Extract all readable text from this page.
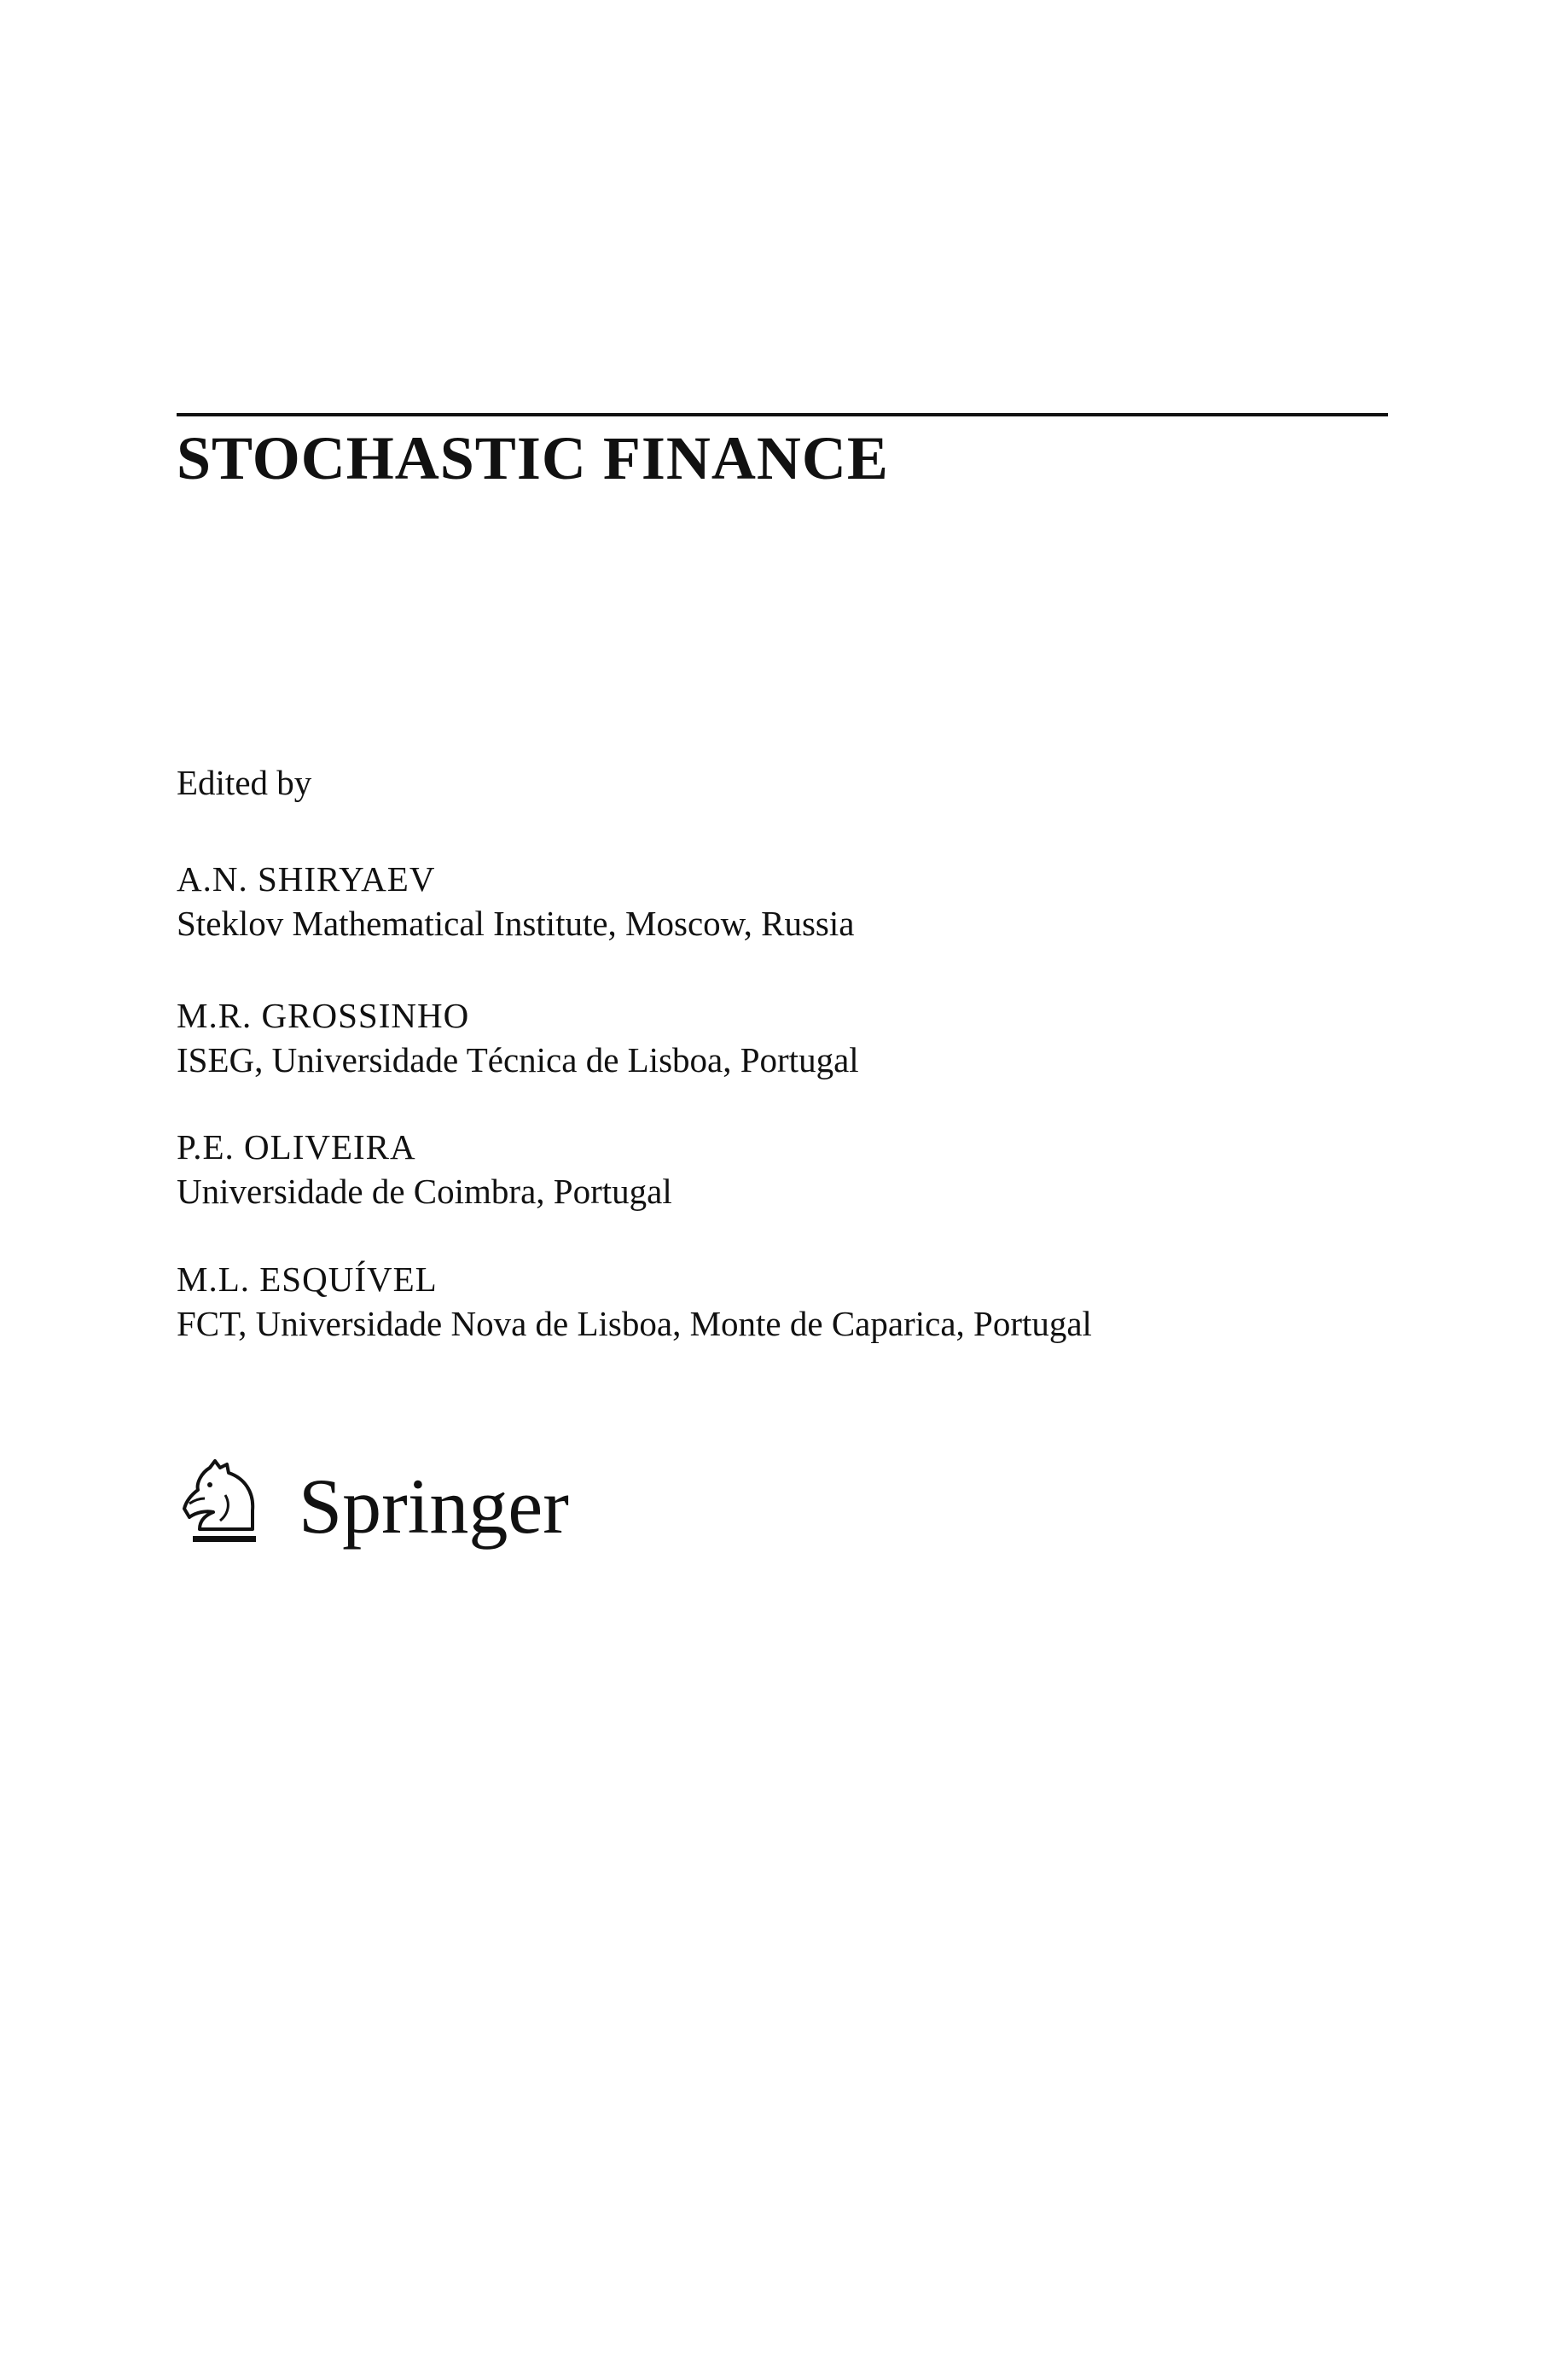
STOCHASTIC FINANCE
Edited by
A.N. SHIRYAEV
Steklov Mathematical Institute, Moscow, Russia
M.R. GROSSINHO
ISEG, Universidade Técnica de Lisboa, Portugal
P.E. OLIVEIRA
Universidade de Coimbra, Portugal
M.L. ESQUÍVEL
FCT, Universidade Nova de Lisboa, Monte de Caparica, Portugal
Springer
